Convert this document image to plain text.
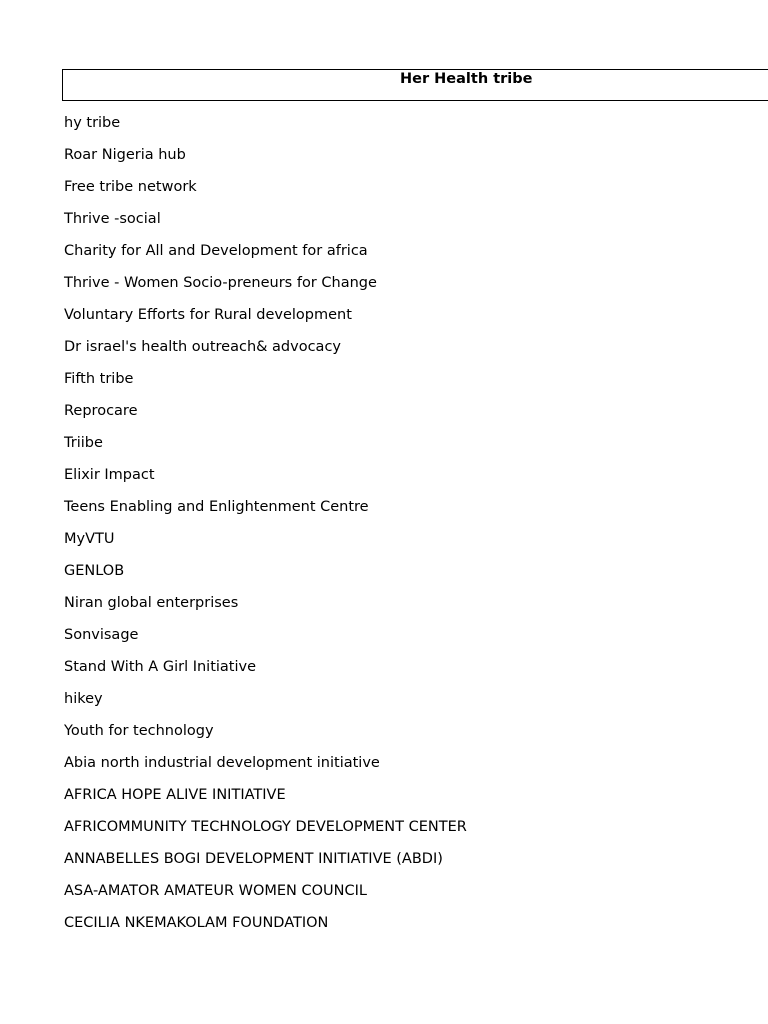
Her Health tribe
hy tribe
Roar Nigeria hub
Free tribe network
Thrive -social
Charity for All and Development for africa
Thrive - Women Socio-preneurs for Change
Voluntary Efforts for Rural development
Dr israel's health outreach& advocacy
Fifth tribe
Reprocare
Triibe
Elixir Impact
Teens Enabling and Enlightenment Centre
MyVTU
GENLOB
Niran global enterprises
Sonvisage
Stand With A Girl Initiative
hikey
Youth for technology
Abia north industrial development initiative
AFRICA HOPE ALIVE INITIATIVE
AFRICOMMUNITY TECHNOLOGY DEVELOPMENT CENTER
ANNABELLES BOGI DEVELOPMENT INITIATIVE (ABDI)
ASA-AMATOR AMATEUR WOMEN COUNCIL
CECILIA NKEMAKOLAM FOUNDATION
